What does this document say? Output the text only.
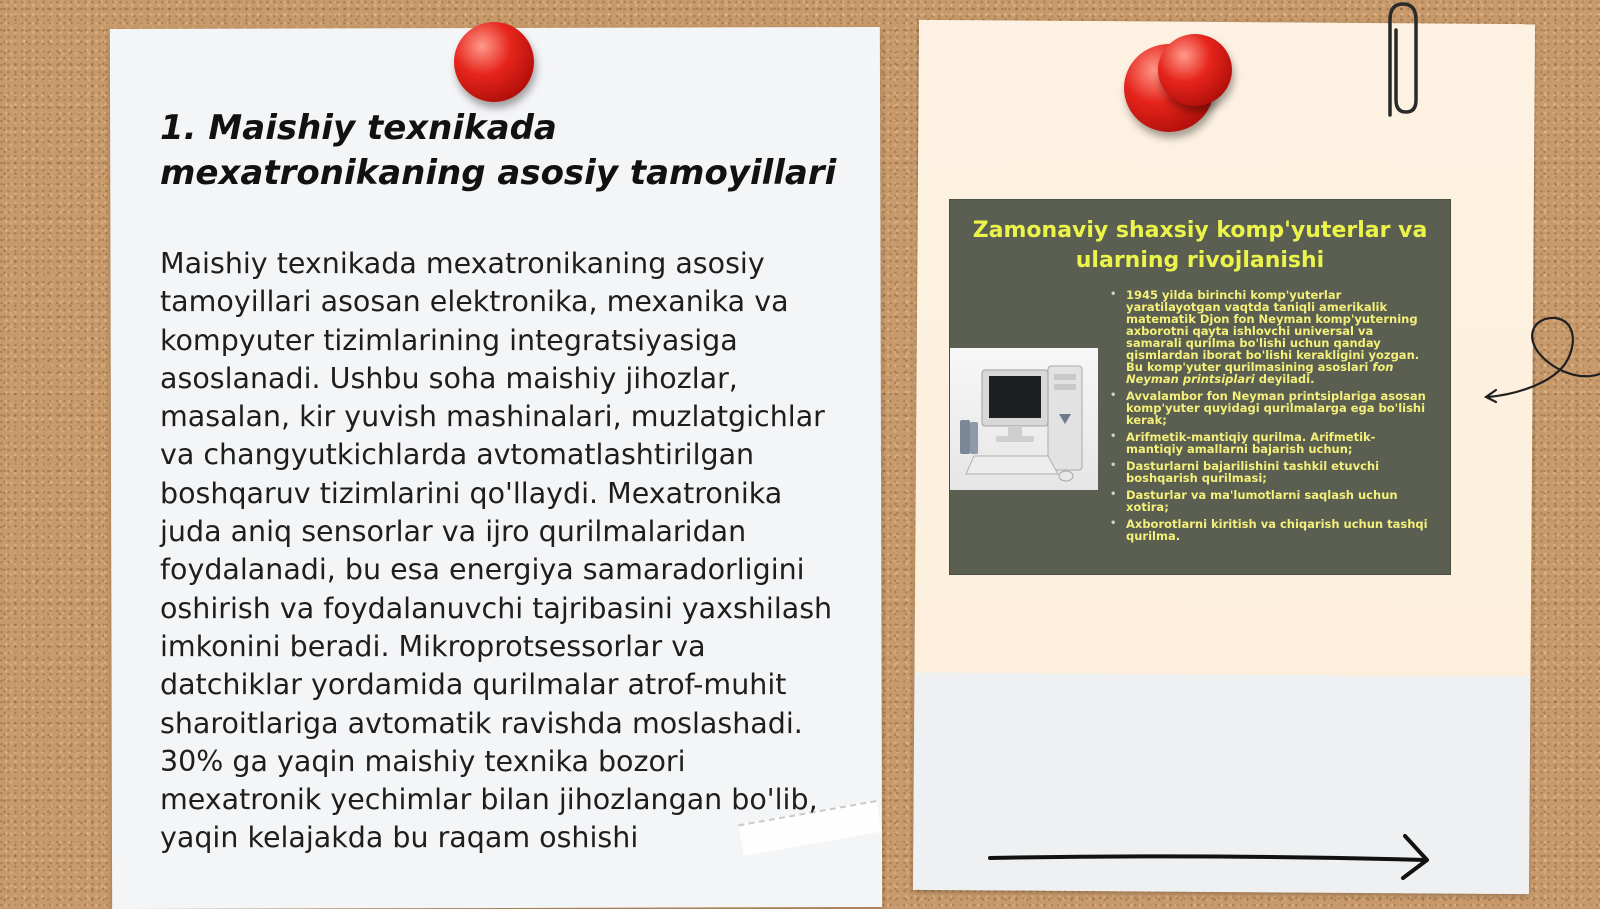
1. Maishiy texnikada
mexatronikaning asosiy tamoyillari

Maishiy texnikada mexatronikaning asosiy tamoyillari asosan elektronika, mexanika va kompyuter tizimlarining integratsiyasiga asoslanadi. Ushbu soha maishiy jihozlar, masalan, kir yuvish mashinalari, muzlatgichlar va changyutkichlarda avtomatlashtirilgan boshqaruv tizimlarini qo'llaydi. Mexatronika juda aniq sensorlar va ijro qurilmalaridan foydalanadi, bu esa energiya samaradorligini oshirish va foydalanuvchi tajribasini yaxshilash imkonini beradi. Mikroprotsessorlar va datchiklar yordamida qurilmalar atrof-muhit sharoitlariga avtomatik ravishda moslashadi. 30% ga yaqin maishiy texnika bozori mexatronik yechimlar bilan jihozlangan bo'lib, yaqin kelajakda bu raqam oshishi

Zamonaviy shaxsiy komp'yuterlar va ularning rivojlanishi
• 1945 yilda birinchi komp'yuterlar yaratilayotgan vaqtda taniqli amerikalik matematik Djon fon Neyman komp'yuterning axborotni qayta ishlovchi universal va samarali qurilma bo'lishi uchun qanday qismlardan iborat bo'lishi kerakligini yozgan. Bu komp'yuter qurilmasining asoslari fon Neyman printsiplari deyiladi.
• Avvalambor fon Neyman printsiplariga asosan komp'yuter quyidagi qurilmalarga ega bo'lishi kerak;
• Arifmetik-mantiqiy qurilma. Arifmetik-mantiqiy amallarni bajarish uchun;
• Dasturlarni bajarilishini tashkil etuvchi boshqarish qurilmasi;
• Dasturlar va ma'lumotlarni saqlash uchun xotira;
• Axborotlarni kiritish va chiqarish uchun tashqi qurilma.
